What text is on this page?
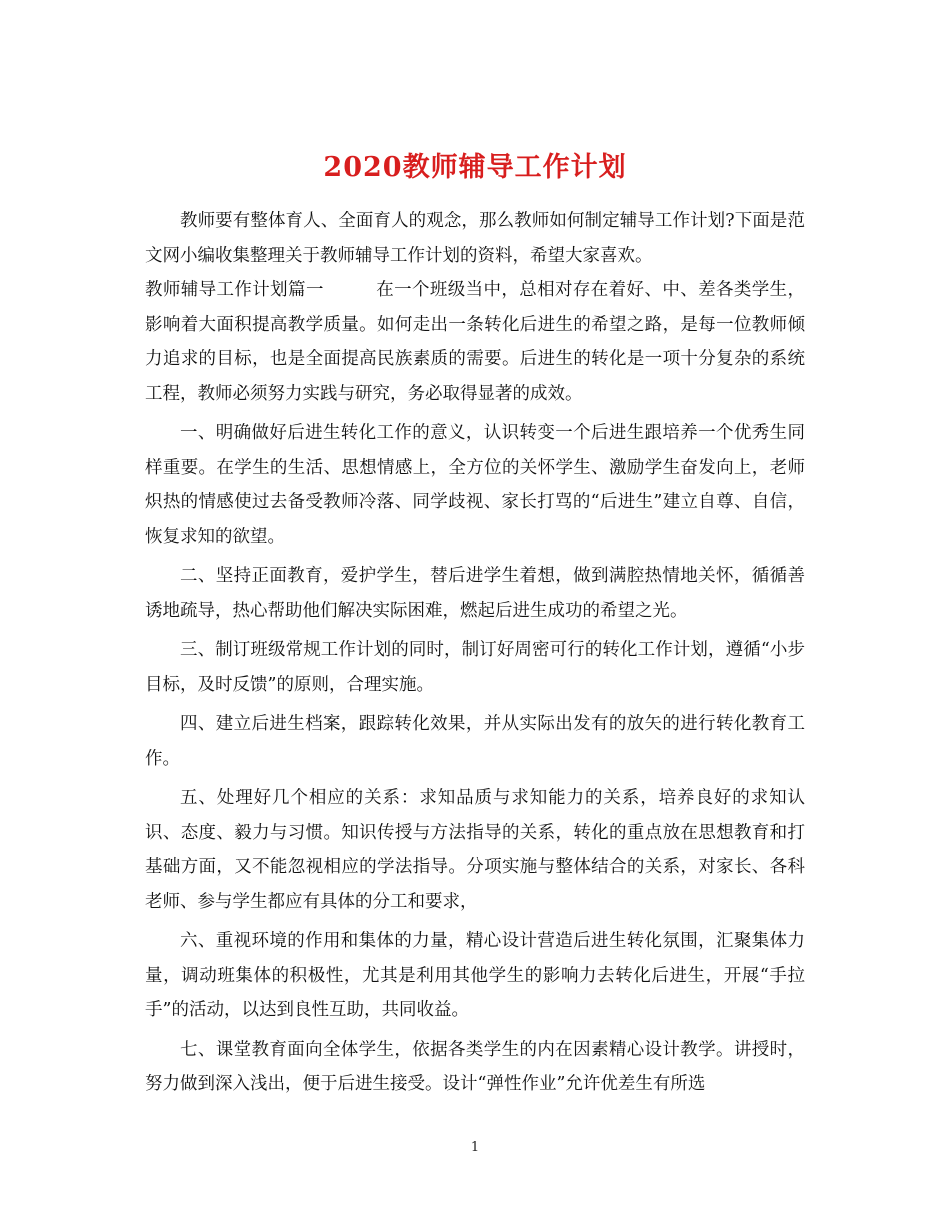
2020教师辅导工作计划

教师要有整体育人、全面育人的观念，那么教师如何制定辅导工作计划?下面是范文网小编收集整理关于教师辅导工作计划的资料，希望大家喜欢。

教师辅导工作计划篇一	在一个班级当中，总相对存在着好、中、差各类学生，影响着大面积提高教学质量。如何走出一条转化后进生的希望之路，是每一位教师倾力追求的目标，也是全面提高民族素质的需要。后进生的转化是一项十分复杂的系统工程，教师必须努力实践与研究，务必取得显著的成效。

一、明确做好后进生转化工作的意义，认识转变一个后进生跟培养一个优秀生同样重要。在学生的生活、思想情感上，全方位的关怀学生、激励学生奋发向上，老师炽热的情感使过去备受教师冷落、同学歧视、家长打骂的“后进生”建立自尊、自信，恢复求知的欲望。

二、坚持正面教育，爱护学生，替后进学生着想，做到满腔热情地关怀，循循善诱地疏导，热心帮助他们解决实际困难，燃起后进生成功的希望之光。

三、制订班级常规工作计划的同时，制订好周密可行的转化工作计划，遵循“小步目标，及时反馈”的原则，合理实施。

四、建立后进生档案，跟踪转化效果，并从实际出发有的放矢的进行转化教育工作。

五、处理好几个相应的关系：求知品质与求知能力的关系，培养良好的求知认识、态度、毅力与习惯。知识传授与方法指导的关系，转化的重点放在思想教育和打基础方面，又不能忽视相应的学法指导。分项实施与整体结合的关系，对家长、各科老师、参与学生都应有具体的分工和要求，

六、重视环境的作用和集体的力量，精心设计营造后进生转化氛围，汇聚集体力量，调动班集体的积极性，尤其是利用其他学生的影响力去转化后进生，开展“手拉手”的活动，以达到良性互助，共同收益。

七、课堂教育面向全体学生，依据各类学生的内在因素精心设计教学。讲授时，努力做到深入浅出，便于后进生接受。设计“弹性作业”允许优差生有所选

1
